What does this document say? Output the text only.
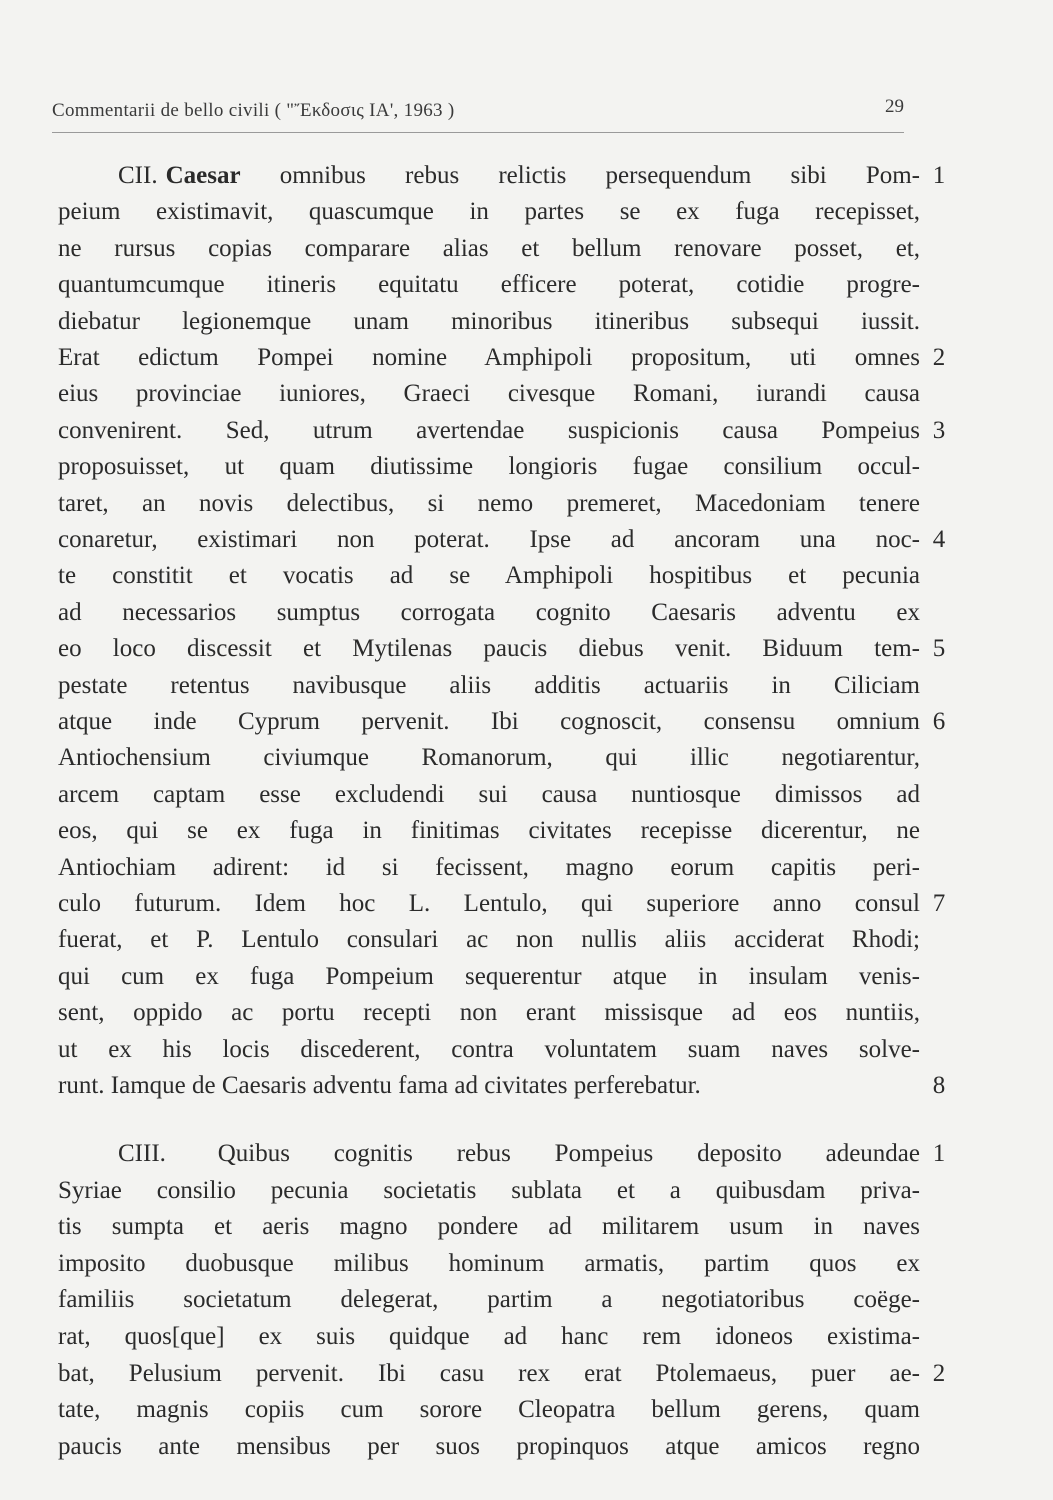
Commentarii de bello civili ( "Ἔκδοσις ΙΑ', 1963 )	29
CII. Caesar omnibus rebus relictis persequendum sibi Pom-
peium existimavit, quascumque in partes se ex fuga recepisset,
ne rursus copias comparare alias et bellum renovare posset, et,
quantumcumque itineris equitatu efficere poterat, cotidie progre-
diebatur legionemque unam minoribus itineribus subsequi iussit.
Erat edictum Pompei nomine Amphipoli propositum, uti omnes
eius provinciae iuniores, Graeci civesque Romani, iurandi causa
convenirent. Sed, utrum avertendae suspicionis causa Pompeius
proposuisset, ut quam diutissime longioris fugae consilium occul-
taret, an novis delectibus, si nemo premeret, Macedoniam tenere
conaretur, existimari non poterat. Ipse ad ancoram una noc-
te constitit et vocatis ad se Amphipoli hospitibus et pecunia
ad necessarios sumptus corrogata cognito Caesaris adventu ex
eo loco discessit et Mytilenas paucis diebus venit. Biduum tem-
pestate retentus navibusque aliis additis actuariis in Ciliciam
atque inde Cyprum pervenit. Ibi cognoscit, consensu omnium
Antiochensium civiumque Romanorum, qui illic negotiarentur,
arcem captam esse excludendi sui causa nuntiosque dimissos ad
eos, qui se ex fuga in finitimas civitates recepisse dicerentur, ne
Antiochiam adirent: id si fecissent, magno eorum capitis peri-
culo futurum. Idem hoc L. Lentulo, qui superiore anno consul
fuerat, et P. Lentulo consulari ac non nullis aliis acciderat Rhodi;
qui cum ex fuga Pompeium sequerentur atque in insulam venis-
sent, oppido ac portu recepti non erant missisque ad eos nuntiis,
ut ex his locis discederent, contra voluntatem suam naves solve-
runt. Iamque de Caesaris adventu fama ad civitates perferebatur.
1
2
3
4
5
6
7
8
CIII. Quibus cognitis rebus Pompeius deposito adeundae
Syriae consilio pecunia societatis sublata et a quibusdam priva-
tis sumpta et aeris magno pondere ad militarem usum in naves
imposito duobusque milibus hominum armatis, partim quos ex
familiis societatum delegerat, partim a negotiatoribus coëge-
rat, quos[que] ex suis quidque ad hanc rem idoneos existima-
bat, Pelusium pervenit. Ibi casu rex erat Ptolemaeus, puer ae-
tate, magnis copiis cum sorore Cleopatra bellum gerens, quam
paucis ante mensibus per suos propinquos atque amicos regno
1
2
